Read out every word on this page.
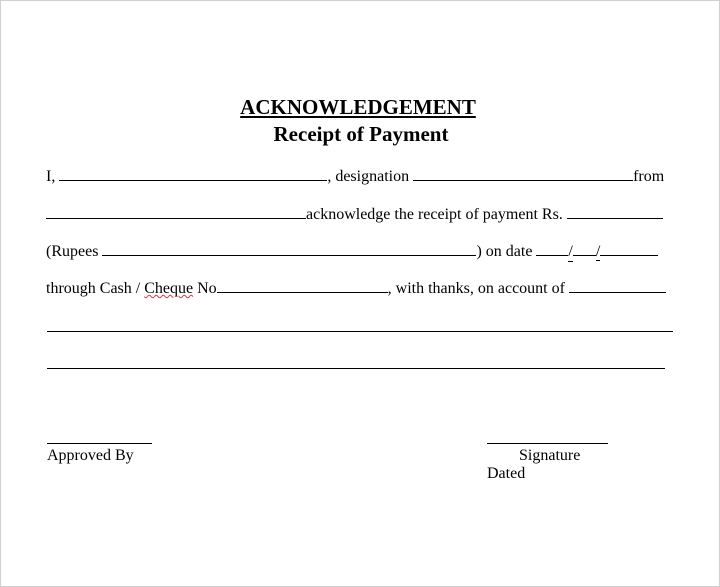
ACKNOWLEDGEMENT
Receipt of Payment
I,	, designation	from
acknowledge the receipt of payment Rs.
(Rupees	) on date / /
through Cash / Cheque No	, with thanks, on account of
Approved By	Signature
Dated
